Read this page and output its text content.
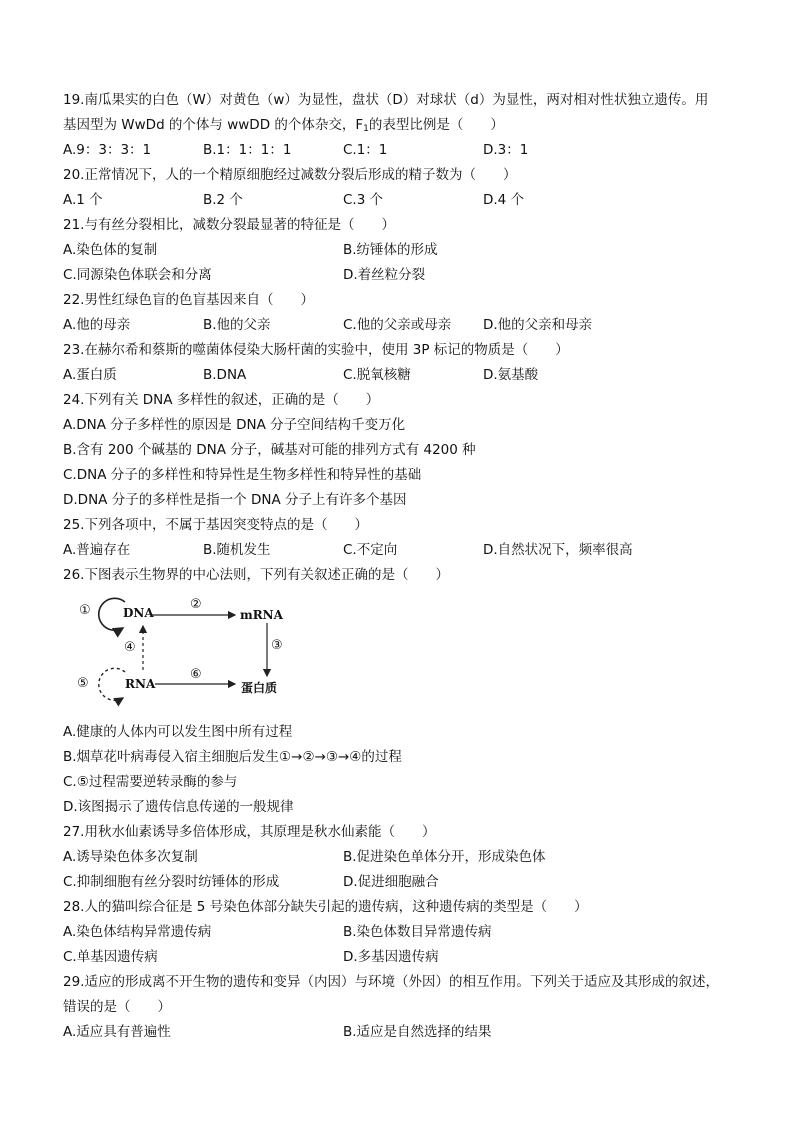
19.南瓜果实的白色（W）对黄色（w）为显性，盘状（D）对球状（d）为显性，两对相对性状独立遗传。用
基因型为 WwDd 的个体与 wwDD 的个体杂交，$F_1$的表型比例是（　　）
A.9：3：3：1	B.1：1：1：1	C.1：1	D.3：1
20.正常情况下，人的一个精原细胞经过减数分裂后形成的精子数为（　　）
A.1 个	B.2 个	C.3 个	D.4 个
21.与有丝分裂相比，减数分裂最显著的特征是（　　）
A.染色体的复制	B.纺锤体的形成
C.同源染色体联会和分离	D.着丝粒分裂
22.男性红绿色盲的色盲基因来自（　　）
A.他的母亲	B.他的父亲	C.他的父亲或母亲	D.他的父亲和母亲
23.在赫尔希和蔡斯的噬菌体侵染大肠杆菌的实验中，使用 3P 标记的物质是（　　）
A.蛋白质	B.DNA	C.脱氧核糖	D.氨基酸
24.下列有关 DNA 多样性的叙述，正确的是（　　）
A.DNA 分子多样性的原因是 DNA 分子空间结构千变万化
B.含有 200 个碱基的 DNA 分子，碱基对可能的排列方式有 4200 种
C.DNA 分子的多样性和特异性是生物多样性和特异性的基础
D.DNA 分子的多样性是指一个 DNA 分子上有许多个基因
25.下列各项中，不属于基因突变特点的是（　　）
A.普遍存在	B.随机发生	C.不定向	D.自然状况下，频率很高
26.下图表示生物界的中心法则，下列有关叙述正确的是（　　）
DNA	mRNA
RNA	蛋白质
①	②
③
④
⑤
⑥
A.健康的人体内可以发生图中所有过程
B.烟草花叶病毒侵入宿主细胞后发生①→②→③→④的过程
C.⑤过程需要逆转录酶的参与
D.该图揭示了遗传信息传递的一般规律
27.用秋水仙素诱导多倍体形成，其原理是秋水仙素能（　　）
A.诱导染色体多次复制	B.促进染色单体分开，形成染色体
C.抑制细胞有丝分裂时纺锤体的形成	D.促进细胞融合
28.人的猫叫综合征是 5 号染色体部分缺失引起的遗传病，这种遗传病的类型是（　　）
A.染色体结构异常遗传病	B.染色体数目异常遗传病
C.单基因遗传病	D.多基因遗传病
29.适应的形成离不开生物的遗传和变异（内因）与环境（外因）的相互作用。下列关于适应及其形成的叙述，
错误的是（　　）
A.适应具有普遍性	B.适应是自然选择的结果
